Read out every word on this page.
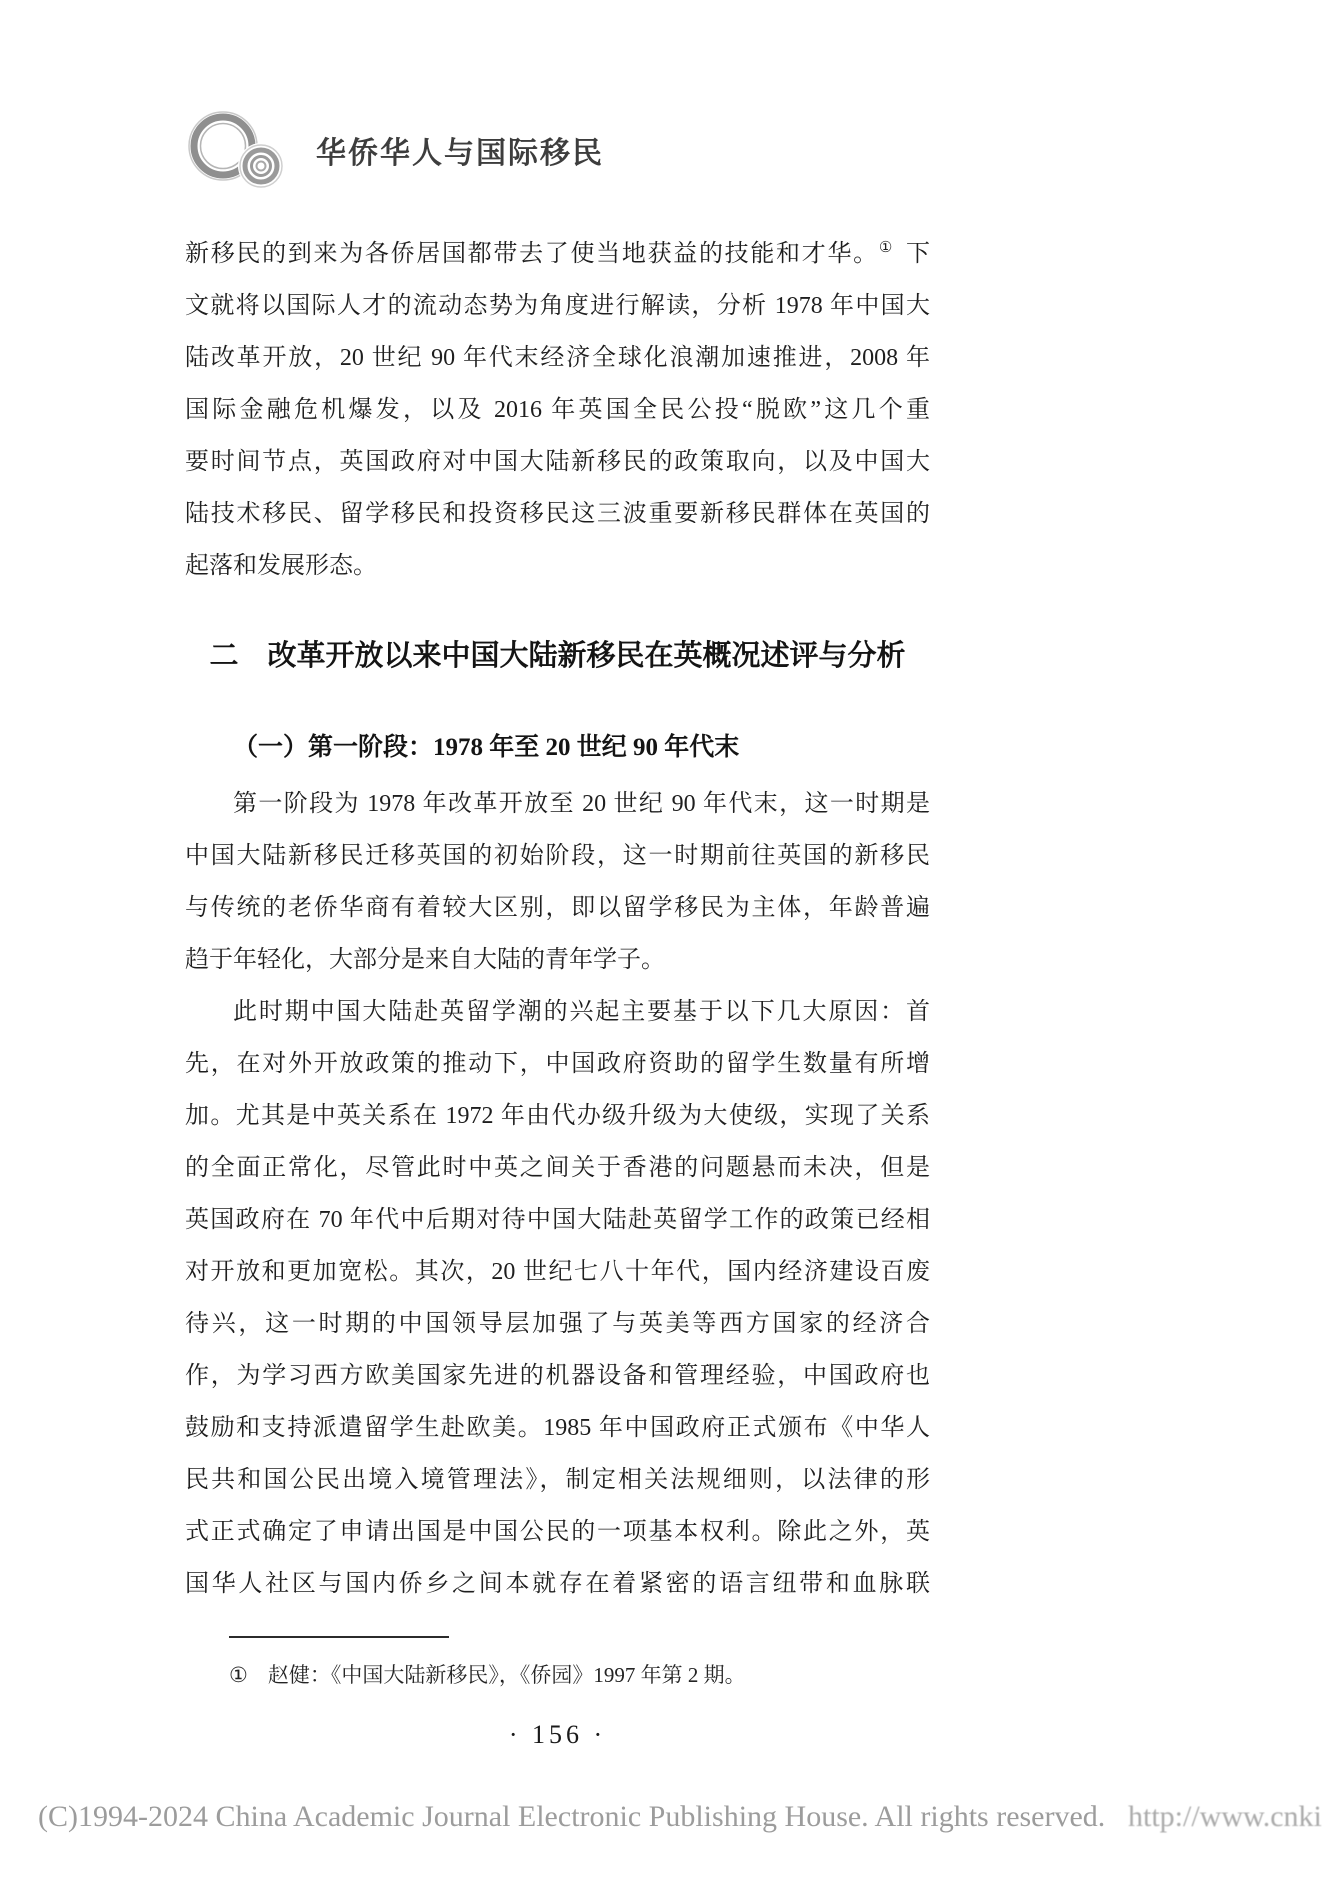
华侨华人与国际移民
新移民的到来为各侨居国都带去了使当地获益的技能和才华。① 下
文就将以国际人才的流动态势为角度进行解读，分析 1978 年中国大
陆改革开放，20 世纪 90 年代末经济全球化浪潮加速推进，2008 年
国际金融危机爆发，以及 2016 年英国全民公投“脱欧”这几个重
要时间节点，英国政府对中国大陆新移民的政策取向，以及中国大
陆技术移民、留学移民和投资移民这三波重要新移民群体在英国的
起落和发展形态。
二　改革开放以来中国大陆新移民在英概况述评与分析
（一）第一阶段：1978 年至 20 世纪 90 年代末
第一阶段为 1978 年改革开放至 20 世纪 90 年代末，这一时期是
中国大陆新移民迁移英国的初始阶段，这一时期前往英国的新移民
与传统的老侨华商有着较大区别，即以留学移民为主体，年龄普遍
趋于年轻化，大部分是来自大陆的青年学子。
此时期中国大陆赴英留学潮的兴起主要基于以下几大原因：首
先，在对外开放政策的推动下，中国政府资助的留学生数量有所增
加。尤其是中英关系在 1972 年由代办级升级为大使级，实现了关系
的全面正常化，尽管此时中英之间关于香港的问题悬而未决，但是
英国政府在 70 年代中后期对待中国大陆赴英留学工作的政策已经相
对开放和更加宽松。其次，20 世纪七八十年代，国内经济建设百废
待兴，这一时期的中国领导层加强了与英美等西方国家的经济合
作，为学习西方欧美国家先进的机器设备和管理经验，中国政府也
鼓励和支持派遣留学生赴欧美。1985 年中国政府正式颁布《中华人
民共和国公民出境入境管理法》，制定相关法规细则，以法律的形
式正式确定了申请出国是中国公民的一项基本权利。除此之外，英
国华人社区与国内侨乡之间本就存在着紧密的语言纽带和血脉联
① 赵健：《中国大陆新移民》，《侨园》1997 年第 2 期。
· 156 ·
(C)1994-2024 China Academic Journal Electronic Publishing House. All rights reserved. http://www.cnki
